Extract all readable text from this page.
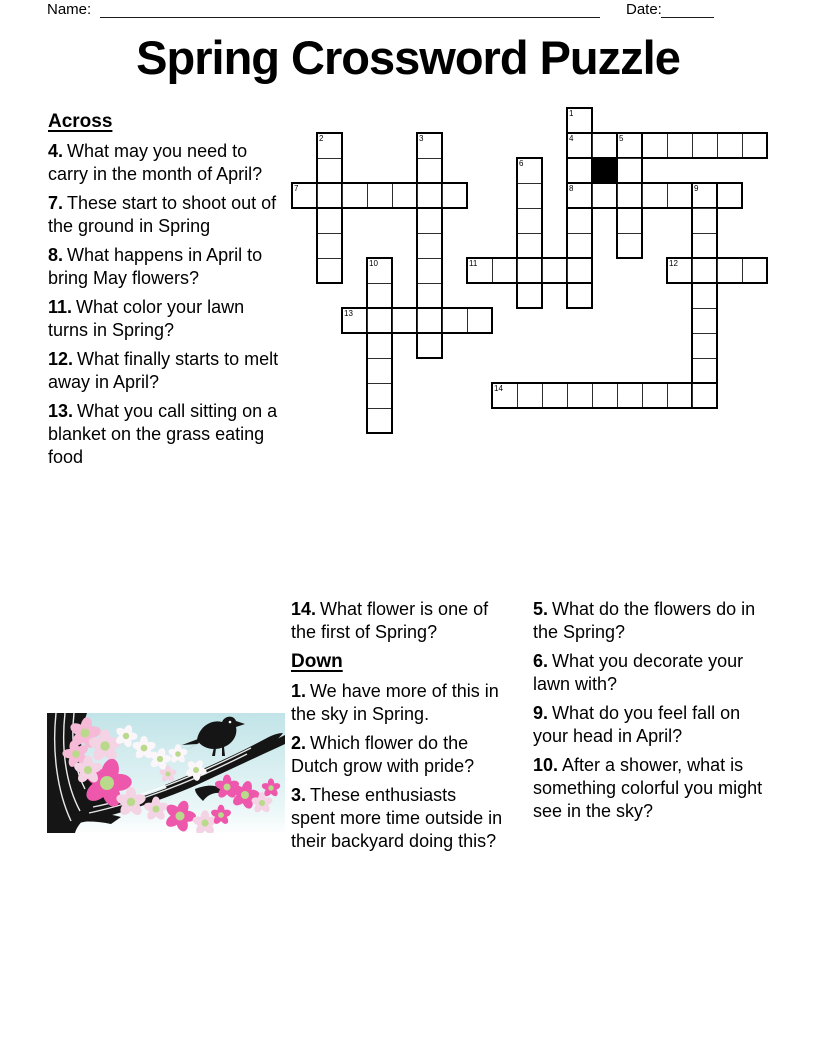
Name:	Date:
Spring Crossword Puzzle
1
2	3	4	5
6
7	8	9
10	11	12
13
14
Across

4. What may you need to carry in the month of April?

7. These start to shoot out of the ground in Spring

8. What happens in April to bring May flowers?

11. What color your lawn turns in Spring?

12. What finally starts to melt away in April?

13. What you call sitting on a blanket on the grass eating food

14. What flower is one of the first of Spring?

Down

1. We have more of this in the sky in Spring.

2. Which flower do the Dutch grow with pride?

3. These enthusiasts spent more time outside in their backyard doing this?

5. What do the flowers do in the Spring?

6. What you decorate your lawn with?

9. What do you feel fall on your head in April?

10. After a shower, what is something colorful you might see in the sky?
